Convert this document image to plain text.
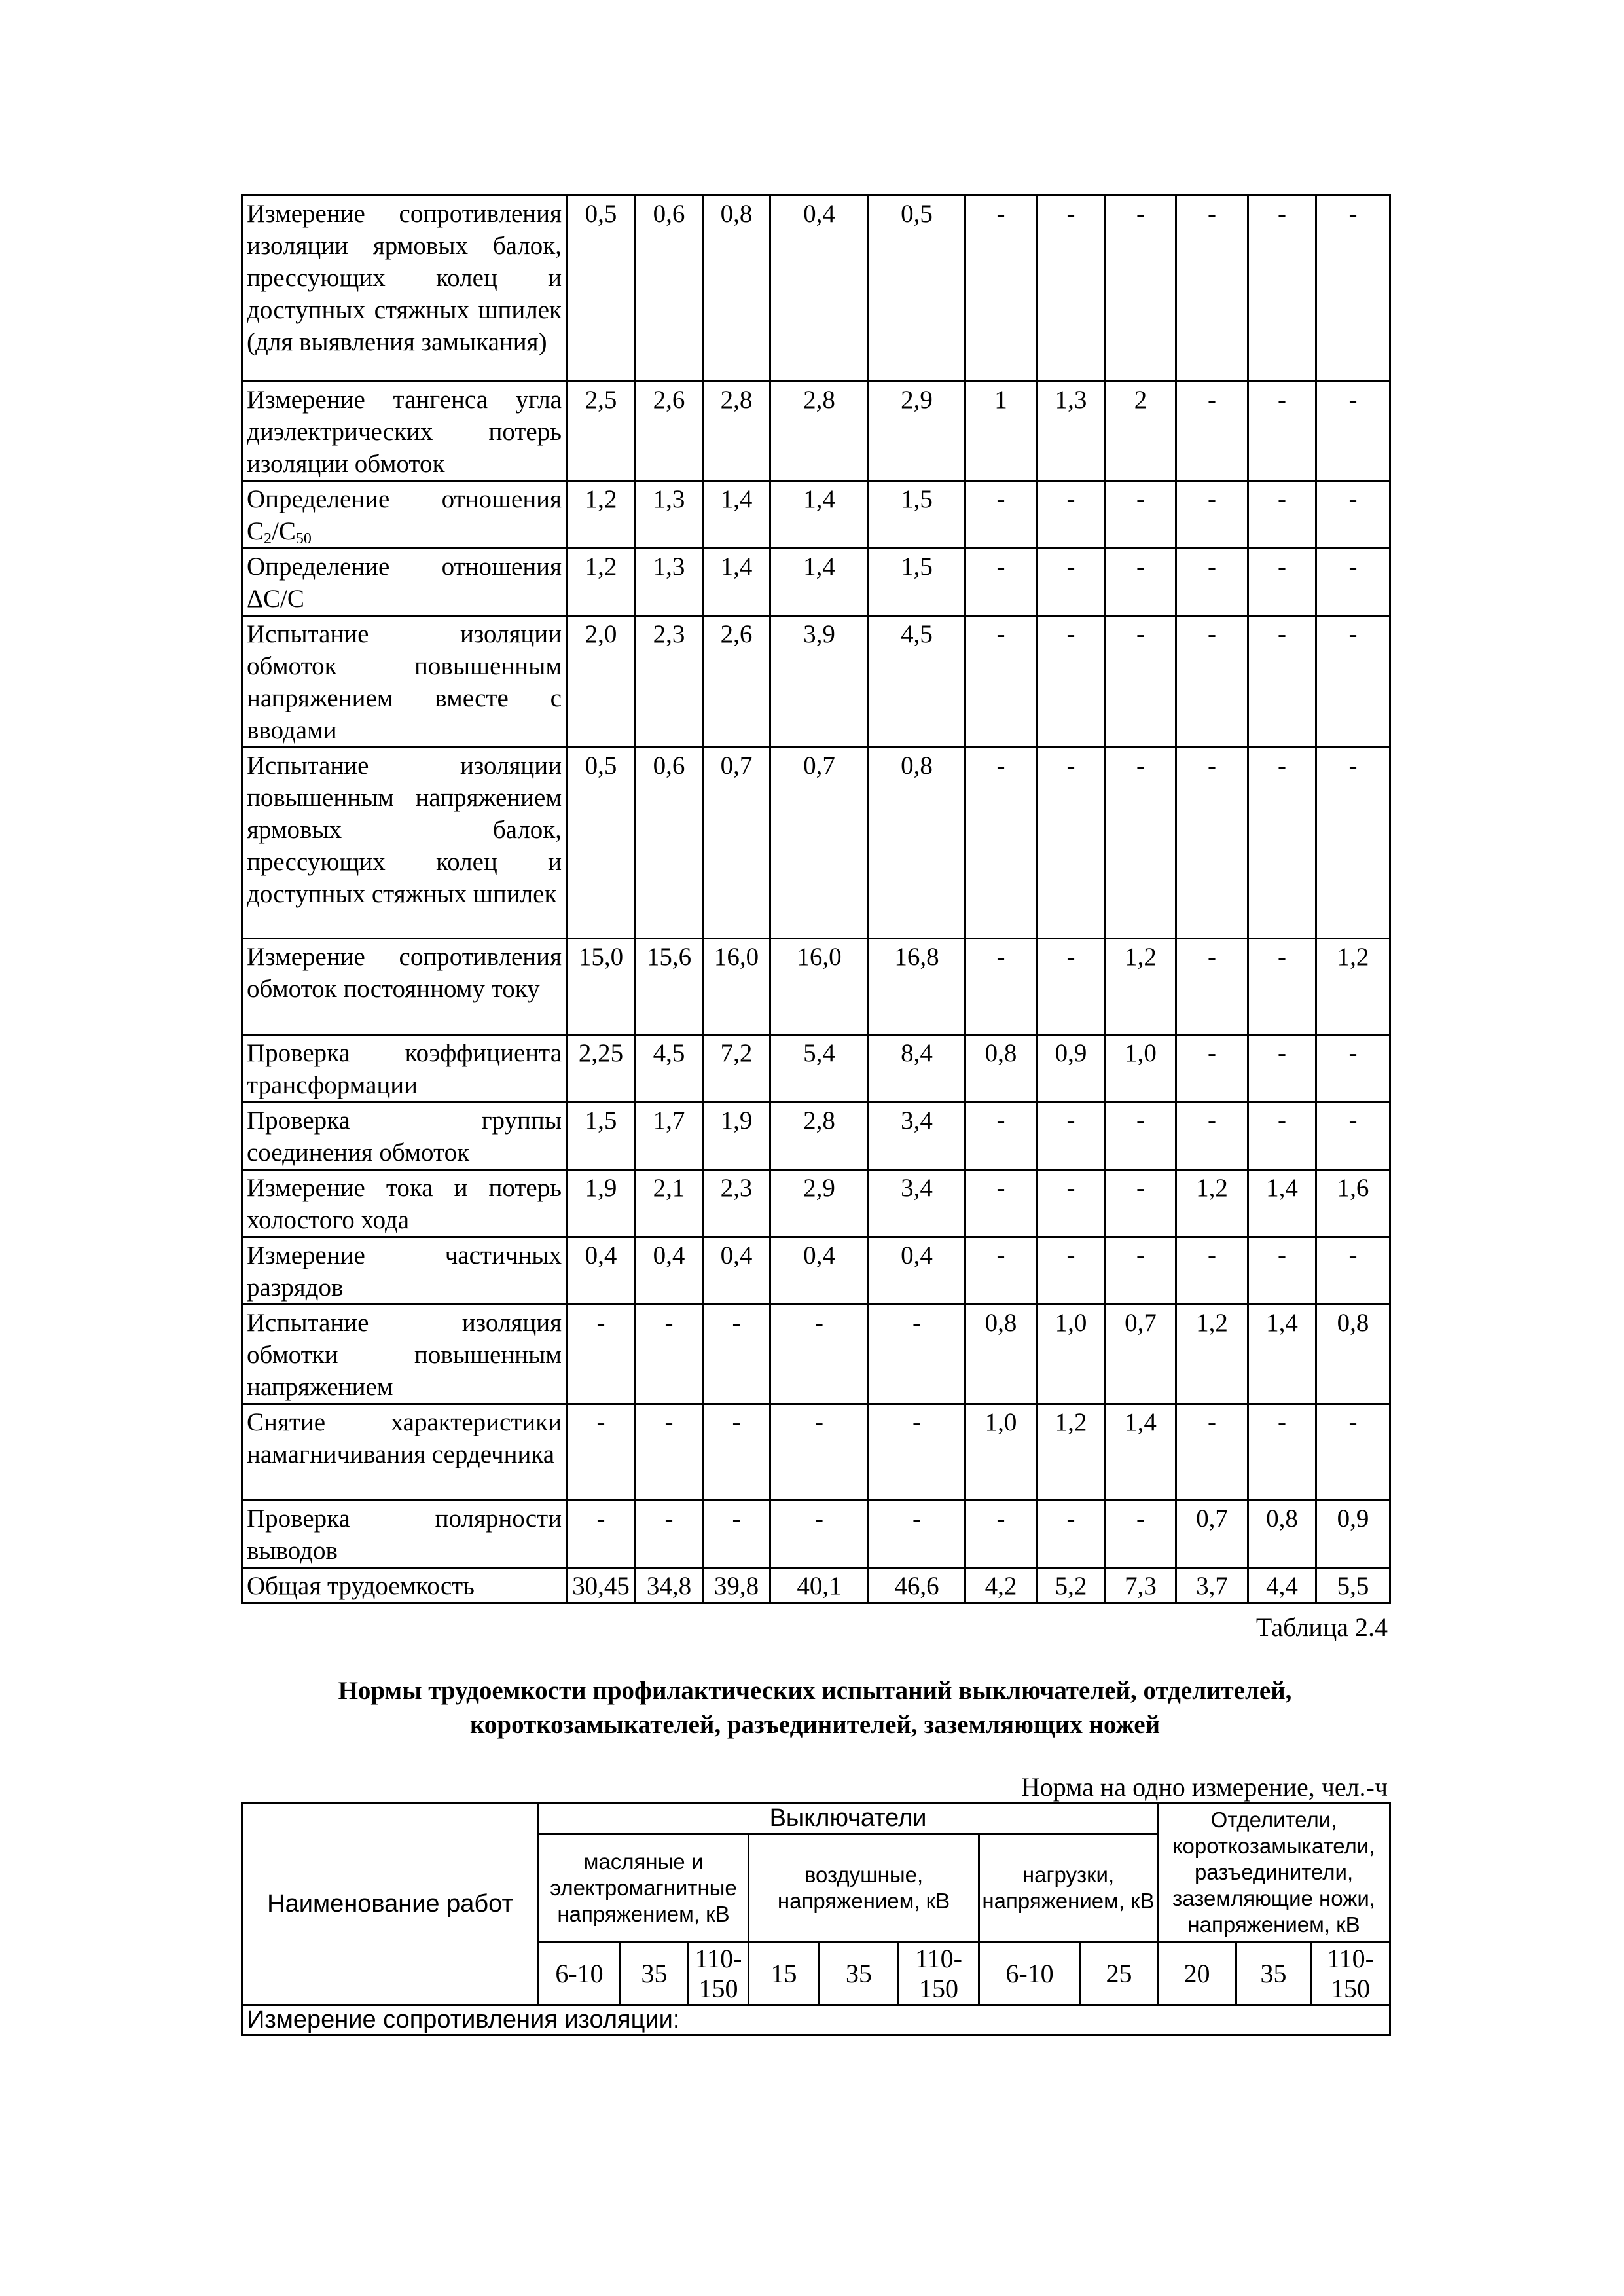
Измерение сопротивления изоляции ярмовых балок, прессующих колец и доступных стяжных шпилек (для выявления замыкания)	0,5	0,6	0,8	0,4	0,5	-	-	-	-	-	-
Измерение тангенса угла диэлектрических потерь изоляции обмоток	2,5	2,6	2,8	2,8	2,9	1	1,3	2	-	-	-
Определение отношения $C_2/C_{50}$	1,2	1,3	1,4	1,4	1,5	-	-	-	-	-	-
Определение отношения ΔC/C	1,2	1,3	1,4	1,4	1,5	-	-	-	-	-	-
Испытание изоляции обмоток повышенным напряжением вместе с вводами	2,0	2,3	2,6	3,9	4,5	-	-	-	-	-	-
Испытание изоляции повышенным напряжением ярмовых балок, прессующих колец и доступных стяжных шпилек	0,5	0,6	0,7	0,7	0,8	-	-	-	-	-	-
Измерение сопротивления обмоток постоянному току	15,0	15,6	16,0	16,0	16,8	-	-	1,2	-	-	1,2
Проверка коэффициента трансформации	2,25	4,5	7,2	5,4	8,4	0,8	0,9	1,0	-	-	-
Проверка группы соединения обмоток	1,5	1,7	1,9	2,8	3,4	-	-	-	-	-	-
Измерение тока и потерь холостого хода	1,9	2,1	2,3	2,9	3,4	-	-	-	1,2	1,4	1,6
Измерение частичных разрядов	0,4	0,4	0,4	0,4	0,4	-	-	-	-	-	-
Испытание изоляция обмотки повышенным напряжением	-	-	-	-	-	0,8	1,0	0,7	1,2	1,4	0,8
Снятие характеристики намагничивания сердечника	-	-	-	-	-	1,0	1,2	1,4	-	-	-
Проверка полярности выводов	-	-	-	-	-	-	-	-	0,7	0,8	0,9
Общая трудоемкость	30,45	34,8	39,8	40,1	46,6	4,2	5,2	7,3	3,7	4,4	5,5
Таблица 2.4
Нормы трудоемкости профилактических испытаний выключателей, отделителей,
короткозамыкателей, разъединителей, заземляющих ножей
Норма на одно измерение, чел.-ч
Наименование работ	Выключатели								Отделители, короткозамыкатели, разъединители, заземляющие ножи, напряжением, кВ		
	масляные и электромагнитные напряжением, кВ			воздушные, напряжением, кВ			нагрузки, напряжением, кВ				
	6-10	35	110-150	15	35	110-150	6-10	25	20	35	110-150
Измерение сопротивления изоляции:											
